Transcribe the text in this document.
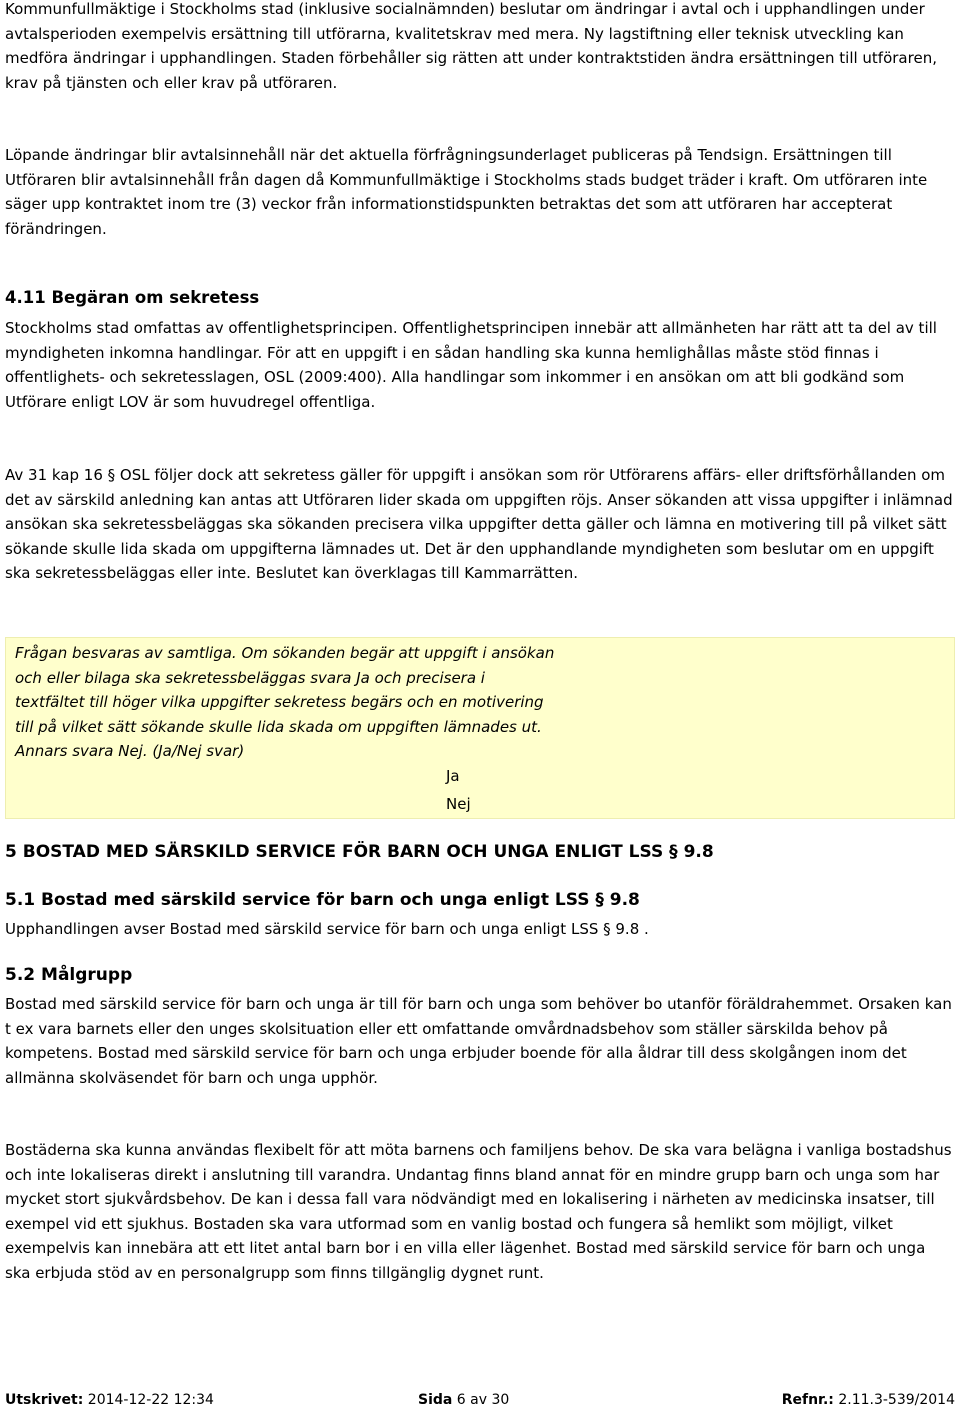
Kommunfullmäktige i Stockholms stad (inklusive socialnämnden) beslutar om ändringar i avtal och i upphandlingen under avtalsperioden exempelvis ersättning till utförarna, kvalitetskrav med mera. Ny lagstiftning eller teknisk utveckling kan medföra ändringar i upphandlingen. Staden förbehåller sig rätten att under kontraktstiden ändra ersättningen till utföraren, krav på tjänsten och eller krav på utföraren.

Löpande ändringar blir avtalsinnehåll när det aktuella förfrågningsunderlaget publiceras på Tendsign. Ersättningen till Utföraren blir avtalsinnehåll från dagen då Kommunfullmäktige i Stockholms stads budget träder i kraft. Om utföraren inte säger upp kontraktet inom tre (3) veckor från informationstidspunkten betraktas det som att utföraren har accepterat förändringen.

4.11 Begäran om sekretess

Stockholms stad omfattas av offentlighetsprincipen. Offentlighetsprincipen innebär att allmänheten har rätt att ta del av till myndigheten inkomna handlingar. För att en uppgift i en sådan handling ska kunna hemlighållas måste stöd finnas i offentlighets- och sekretesslagen, OSL (2009:400). Alla handlingar som inkommer i en ansökan om att bli godkänd som Utförare enligt LOV är som huvudregel offentliga.

Av 31 kap 16 § OSL följer dock att sekretess gäller för uppgift i ansökan som rör Utförarens affärs- eller driftsförhållanden om det av särskild anledning kan antas att Utföraren lider skada om uppgiften röjs. Anser sökanden att vissa uppgifter i inlämnad ansökan ska sekretessbeläggas ska sökanden precisera vilka uppgifter detta gäller och lämna en motivering till på vilket sätt sökande skulle lida skada om uppgifterna lämnades ut. Det är den upphandlande myndigheten som beslutar om en uppgift ska sekretessbeläggas eller inte. Beslutet kan överklagas till Kammarrätten.

Frågan besvaras av samtliga. Om sökanden begär att uppgift i ansökan och eller bilaga ska sekretessbeläggas svara Ja och precisera i textfältet till höger vilka uppgifter sekretess begärs och en motivering till på vilket sätt sökande skulle lida skada om uppgiften lämnades ut. Annars svara Nej. (Ja/Nej svar)
Ja
Nej

5 BOSTAD MED SÄRSKILD SERVICE FÖR BARN OCH UNGA ENLIGT LSS § 9.8

5.1 Bostad med särskild service för barn och unga enligt LSS § 9.8

Upphandlingen avser Bostad med särskild service för barn och unga enligt LSS § 9.8 .

5.2 Målgrupp

Bostad med särskild service för barn och unga är till för barn och unga som behöver bo utanför föräldrahemmet. Orsaken kan t ex vara barnets eller den unges skolsituation eller ett omfattande omvårdnadsbehov som ställer särskilda behov på kompetens. Bostad med särskild service för barn och unga erbjuder boende för alla åldrar till dess skolgången inom det allmänna skolväsendet för barn och unga upphör.

Bostäderna ska kunna användas flexibelt för att möta barnens och familjens behov. De ska vara belägna i vanliga bostadshus och inte lokaliseras direkt i anslutning till varandra. Undantag finns bland annat för en mindre grupp barn och unga som har mycket stort sjukvårdsbehov. De kan i dessa fall vara nödvändigt med en lokalisering i närheten av medicinska insatser, till exempel vid ett sjukhus. Bostaden ska vara utformad som en vanlig bostad och fungera så hemlikt som möjligt, vilket exempelvis kan innebära att ett litet antal barn bor i en villa eller lägenhet. Bostad med särskild service för barn och unga ska erbjuda stöd av en personalgrupp som finns tillgänglig dygnet runt.

Utskrivet: 2014-12-22 12:34	Sida 6 av 30	Refnr.: 2.11.3-539/2014
